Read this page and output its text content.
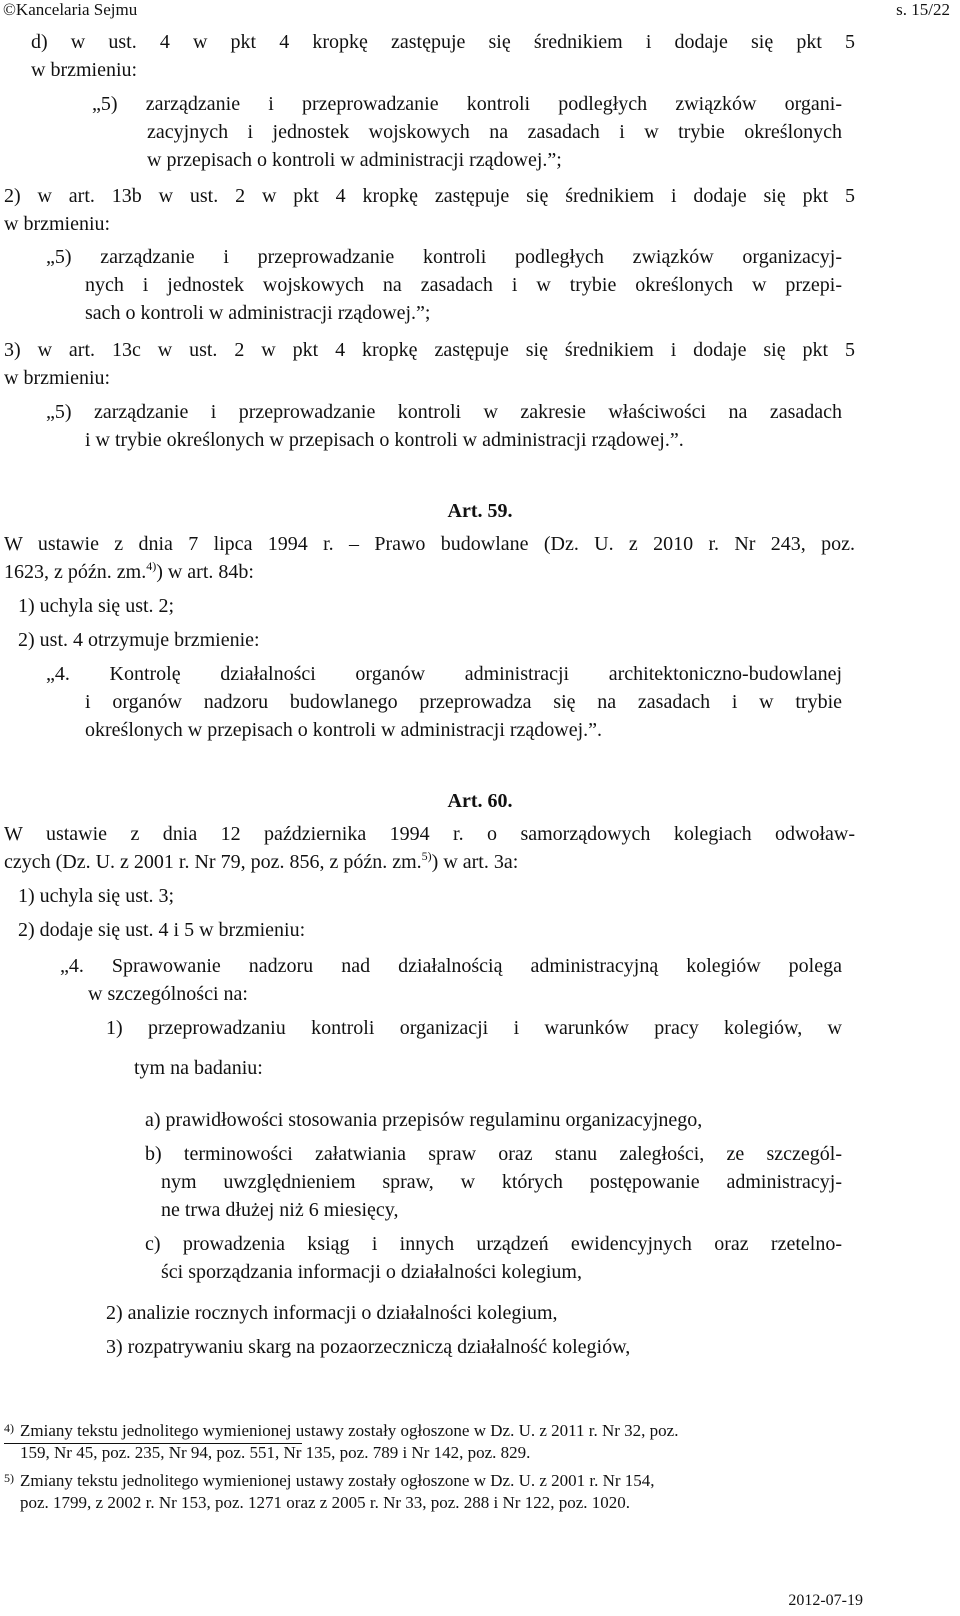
©Kancelaria Sejmu	s. 15/22
d) w ust. 4 w pkt 4 kropkę zastępuje się średnikiem i dodaje się pkt 5
w brzmieniu:
„5) zarządzanie i przeprowadzanie kontroli podległych związków organi-
zacyjnych i jednostek wojskowych na zasadach i w trybie określonych
w przepisach o kontroli w administracji rządowej.”;
2) w art. 13b w ust. 2 w pkt 4 kropkę zastępuje się średnikiem i dodaje się pkt 5
w brzmieniu:
„5) zarządzanie i przeprowadzanie kontroli podległych związków organizacyj-
nych i jednostek wojskowych na zasadach i w trybie określonych w przepi-
sach o kontroli w administracji rządowej.”;
3) w art. 13c w ust. 2 w pkt 4 kropkę zastępuje się średnikiem i dodaje się pkt 5
w brzmieniu:
„5) zarządzanie i przeprowadzanie kontroli w zakresie właściwości na zasadach
i w trybie określonych w przepisach o kontroli w administracji rządowej.”.
Art. 59.
W ustawie z dnia 7 lipca 1994 r. – Prawo budowlane (Dz. U. z 2010 r. Nr 243, poz.
1623, z późn. zm.$^{4)}$) w art. 84b:
1) uchyla się ust. 2;
2) ust. 4 otrzymuje brzmienie:
„4. Kontrolę działalności organów administracji architektoniczno-budowlanej
i organów nadzoru budowlanego przeprowadza się na zasadach i w trybie
określonych w przepisach o kontroli w administracji rządowej.”.
Art. 60.
W ustawie z dnia 12 października 1994 r. o samorządowych kolegiach odwoław-
czych (Dz. U. z 2001 r. Nr 79, poz. 856, z późn. zm.$^{5)}$) w art. 3a:
1) uchyla się ust. 3;
2) dodaje się ust. 4 i 5 w brzmieniu:
„4. Sprawowanie nadzoru nad działalnością administracyjną kolegiów polega
w szczególności na:
1) przeprowadzaniu kontroli organizacji i warunków pracy kolegiów, w
tym na badaniu:
a) prawidłowości stosowania przepisów regulaminu organizacyjnego,
b) terminowości załatwiania spraw oraz stanu zaległości, ze szczegól-
nym uwzględnieniem spraw, w których postępowanie administracyj-
ne trwa dłużej niż 6 miesięcy,
c) prowadzenia ksiąg i innych urządzeń ewidencyjnych oraz rzetelno-
ści sporządzania informacji o działalności kolegium,
2) analizie rocznych informacji o działalności kolegium,
3) rozpatrywaniu skarg na pozaorzeczniczą działalność kolegiów,
4) Zmiany tekstu jednolitego wymienionej ustawy zostały ogłoszone w Dz. U. z 2011 r. Nr 32, poz.
159, Nr 45, poz. 235, Nr 94, poz. 551, Nr 135, poz. 789 i Nr 142, poz. 829.
5) Zmiany tekstu jednolitego wymienionej ustawy zostały ogłoszone w Dz. U. z 2001 r. Nr 154,
poz. 1799, z 2002 r. Nr 153, poz. 1271 oraz z 2005 r. Nr 33, poz. 288 i Nr 122, poz. 1020.
2012-07-19
